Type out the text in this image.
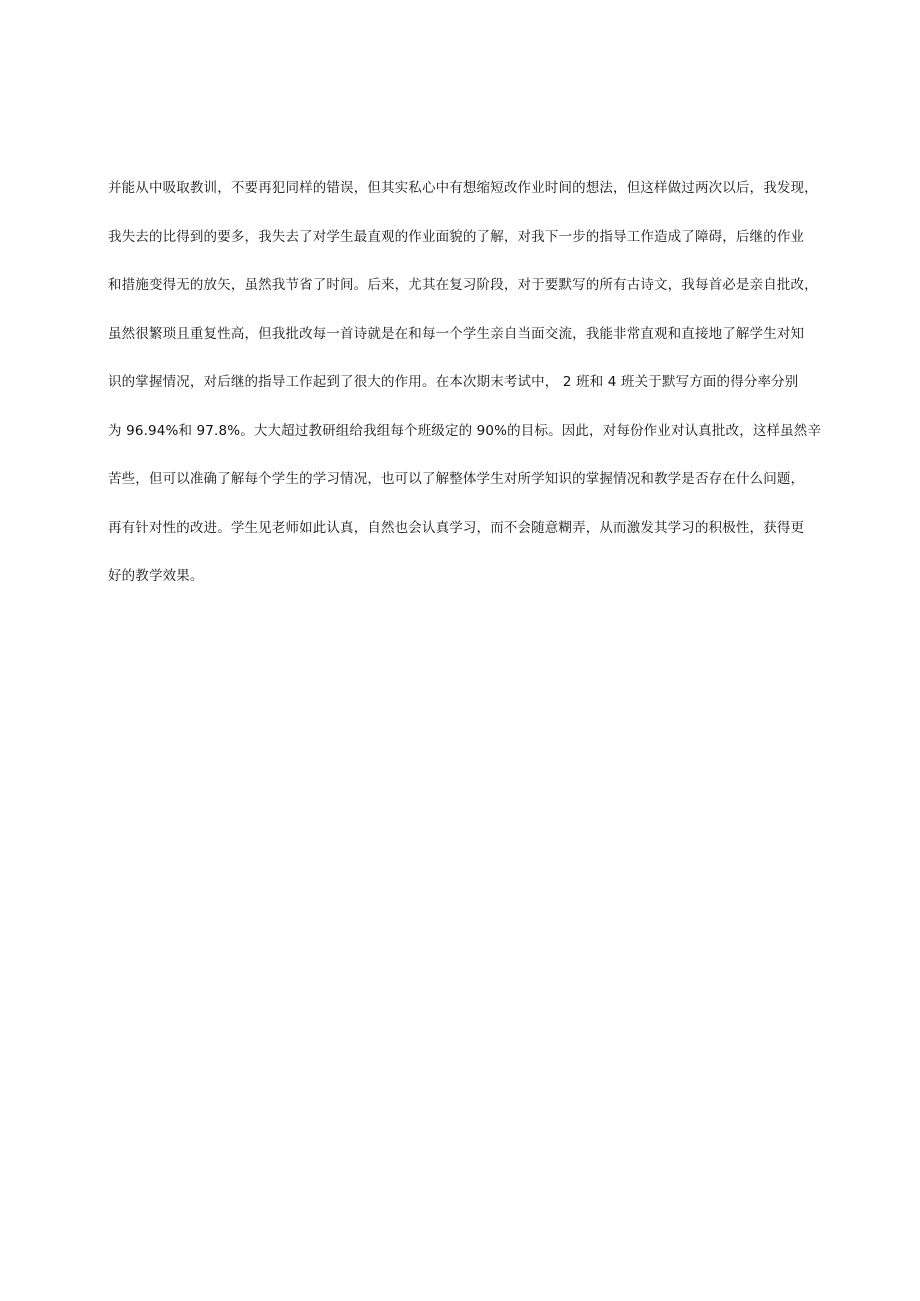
并能从中吸取教训，不要再犯同样的错误，但其实私心中有想缩短改作业时间的想法，但这样做过两次以后，我发现，
我失去的比得到的要多，我失去了对学生最直观的作业面貌的了解，对我下一步的指导工作造成了障碍，后继的作业
和措施变得无的放矢，虽然我节省了时间。后来，尤其在复习阶段，对于要默写的所有古诗文，我每首必是亲自批改，
虽然很繁琐且重复性高，但我批改每一首诗就是在和每一个学生亲自当面交流，我能非常直观和直接地了解学生对知
识的掌握情况，对后继的指导工作起到了很大的作用。在本次期末考试中， 2 班和 4 班关于默写方面的得分率分别
为 96.94%和 97.8%。大大超过教研组给我组每个班级定的 90%的目标。因此，对每份作业对认真批改，这样虽然辛
苦些，但可以准确了解每个学生的学习情况，也可以了解整体学生对所学知识的掌握情况和教学是否存在什么问题，
再有针对性的改进。学生见老师如此认真，自然也会认真学习，而不会随意糊弄，从而激发其学习的积极性，获得更
好的教学效果。
